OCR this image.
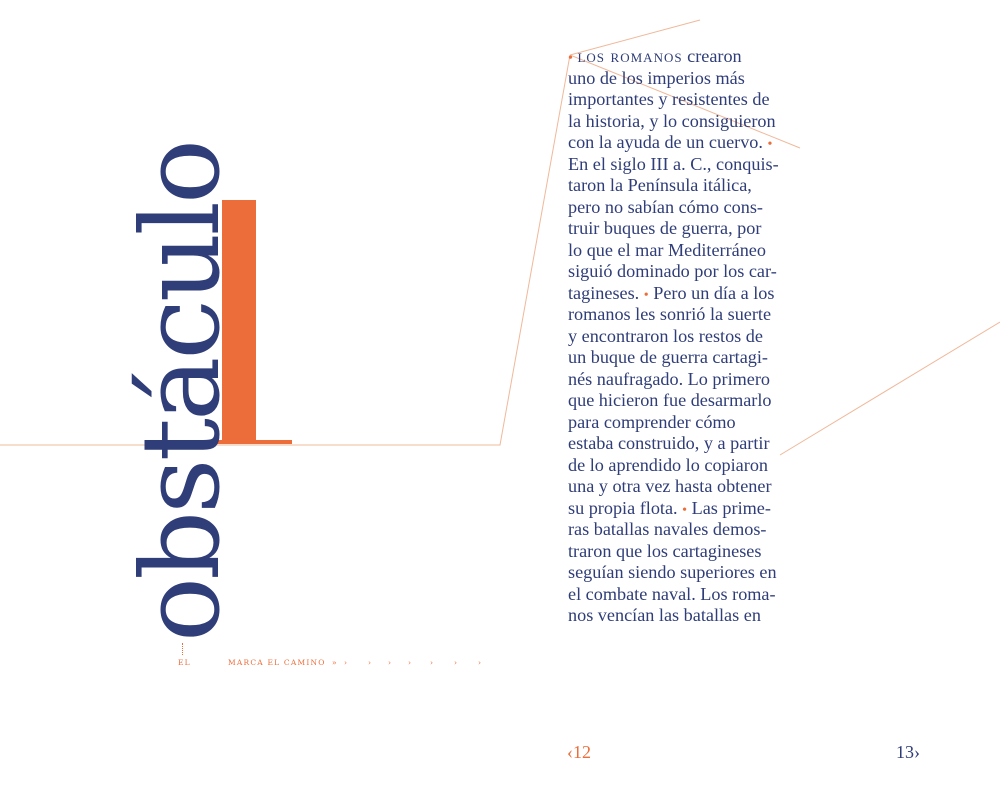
obstáculo
EL	MARCA EL CAMINO » ›	› › › ›	›	›
• los romanos crearon
uno de los imperios más
importantes y resistentes de
la historia, y lo consiguieron
con la ayuda de un cuervo. •
En el siglo III a. C., conquis-
taron la Península itálica,
pero no sabían cómo cons-
truir buques de guerra, por
lo que el mar Mediterráneo
siguió dominado por los car-
tagineses. • Pero un día a los
romanos les sonrió la suerte
y encontraron los restos de
un buque de guerra cartagi-
nés naufragado. Lo primero
que hicieron fue desarmarlo
para comprender cómo
estaba construido, y a partir
de lo aprendido lo copiaron
una y otra vez hasta obtener
su propia flota. • Las prime-
ras batallas navales demos-
traron que los cartagineses
seguían siendo superiores en
el combate naval. Los roma-
nos vencían las batallas en
‹12	13›
